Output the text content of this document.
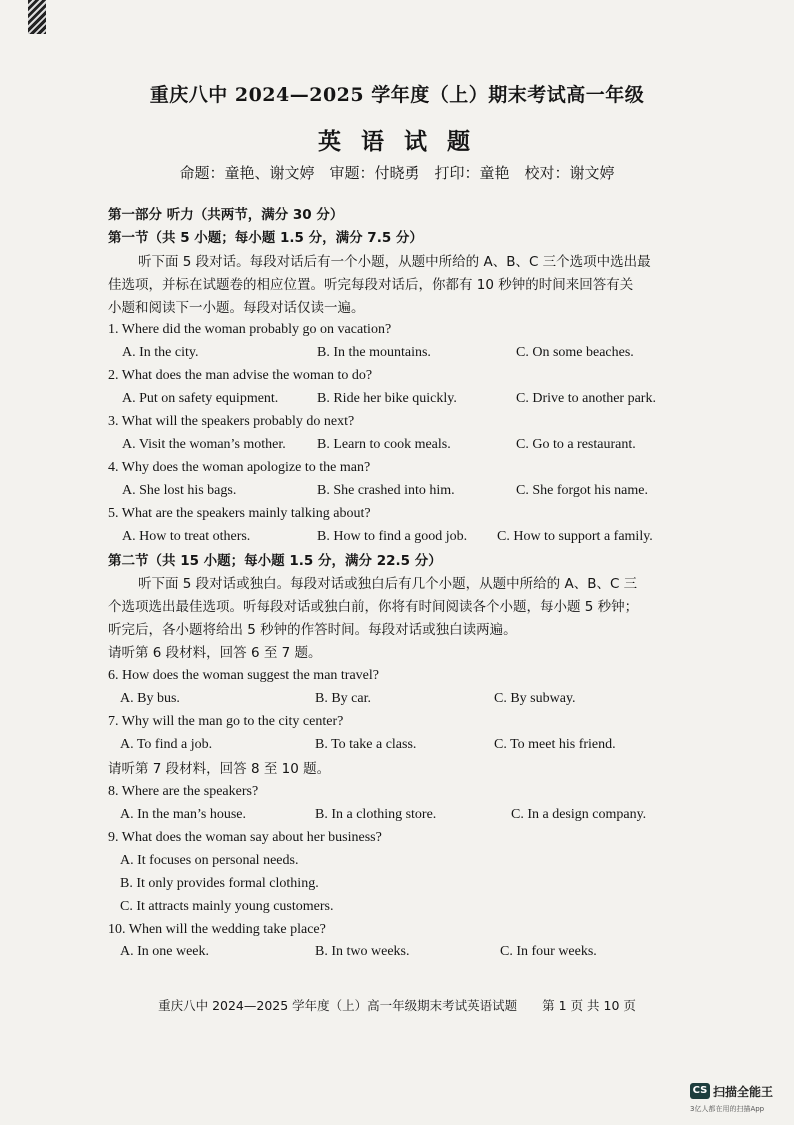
重庆八中 2024—2025 学年度（上）期末考试高一年级
英 语 试 题
命题：童艳、谢文婷　审题：付晓勇　打印：童艳　校对：谢文婷
第一部分 听力（共两节，满分 30 分）
第一节（共 5 小题；每小题 1.5 分，满分 7.5 分）
听下面 5 段对话。每段对话后有一个小题，从题中所给的 A、B、C 三个选项中选出最
佳选项，并标在试题卷的相应位置。听完每段对话后，你都有 10 秒钟的时间来回答有关
小题和阅读下一小题。每段对话仅读一遍。
1. Where did the woman probably go on vacation?
A. In the city.	B. In the mountains.	C. On some beaches.
2. What does the man advise the woman to do?
A. Put on safety equipment.	B. Ride her bike quickly.	C. Drive to another park.
3. What will the speakers probably do next?
A. Visit the woman’s mother. B. Learn to cook meals.	C. Go to a restaurant.
4. Why does the woman apologize to the man?
A. She lost his bags.	B. She crashed into him.	C. She forgot his name.
5. What are the speakers mainly talking about?
A. How to treat others.	B. How to find a good job. C. How to support a family.
第二节（共 15 小题；每小题 1.5 分，满分 22.5 分）
听下面 5 段对话或独白。每段对话或独白后有几个小题，从题中所给的 A、B、C 三
个选项选出最佳选项。听每段对话或独白前，你将有时间阅读各个小题，每小题 5 秒钟；
听完后，各小题将给出 5 秒钟的作答时间。每段对话或独白读两遍。
请听第 6 段材料，回答 6 至 7 题。
6. How does the woman suggest the man travel?
A. By bus.	B. By car.	C. By subway.
7. Why will the man go to the city center?
A. To find a job.	B. To take a class.	C. To meet his friend.
请听第 7 段材料，回答 8 至 10 题。
8. Where are the speakers?
A. In the man’s house.	B. In a clothing store.	C. In a design company.
9. What does the woman say about her business?
A. It focuses on personal needs.
B. It only provides formal clothing.
C. It attracts mainly young customers.
10. When will the wedding take place?
A. In one week.	B. In two weeks.	C. In four weeks.
重庆八中 2024—2025 学年度（上）高一年级期末考试英语试题　　第 1 页 共 10 页
CS 扫描全能王
3亿人都在用的扫描App
